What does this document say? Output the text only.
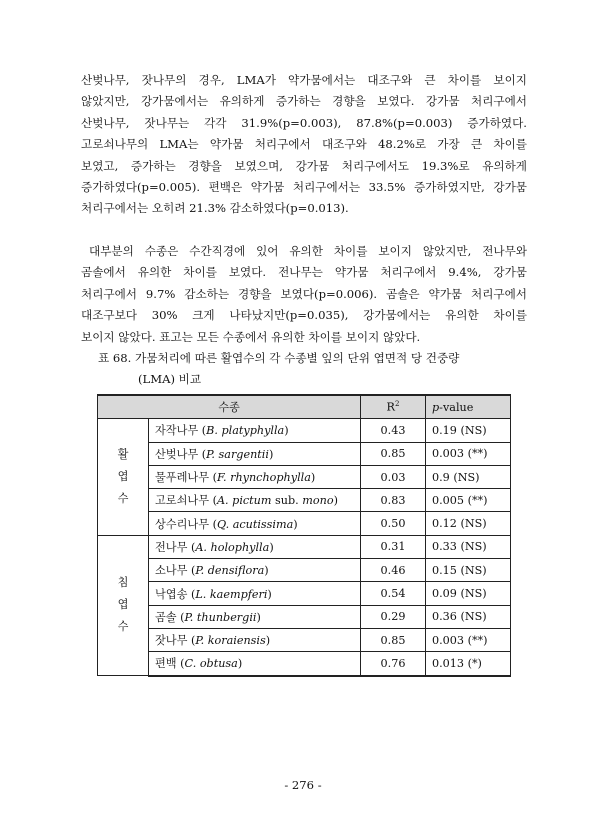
산벚나무, 잣나무의 경우, LMA가 약가뭄에서는 대조구와 큰 차이를 보이지
않았지만, 강가뭄에서는 유의하게 증가하는 경향을 보였다. 강가뭄 처리구에서
산벚나무, 잣나무는 각각 31.9%(p=0.003), 87.8%(p=0.003) 증가하였다.
고로쇠나무의 LMA는 약가뭄 처리구에서 대조구와 48.2%로 가장 큰 차이를
보였고, 증가하는 경향을 보였으며, 강가뭄 처리구에서도 19.3%로 유의하게
증가하였다(p=0.005). 편백은 약가뭄 처리구에서는 33.5% 증가하였지만, 강가뭄
처리구에서는 오히려 21.3% 감소하였다(p=0.013).
대부분의 수종은 수간직경에 있어 유의한 차이를 보이지 않았지만, 전나무와
곰솔에서 유의한 차이를 보였다. 전나무는 약가뭄 처리구에서 9.4%, 강가뭄
처리구에서 9.7% 감소하는 경향을 보였다(p=0.006). 곰솔은 약가뭄 처리구에서
대조구보다 30% 크게 나타났지만(p=0.035), 강가뭄에서는 유의한 차이를
보이지 않았다. 표고는 모든 수종에서 유의한 차이를 보이지 않았다.
표 68. 가뭄처리에 따른 활엽수의 각 수종별 잎의 단위 엽면적 당 건중량
(LMA) 비교
수종		$R^2$	p-value

활
엽
수	자작나무 (B. platyphylla)	0.43	0.19 (NS)
	산벚나무 (P. sargentii)	0.85	0.003 (**)
	물푸레나무 (F. rhynchophylla)	0.03	0.9 (NS)
	고로쇠나무 (A. pictum sub. mono)	0.83	0.005 (**)
	상수리나무 (Q. acutissima)	0.50	0.12 (NS)

침
엽
수	전나무 (A. holophylla)	0.31	0.33 (NS)
	소나무 (P. densiflora)	0.46	0.15 (NS)
	낙엽송 (L. kaempferi)	0.54	0.09 (NS)
	곰솔 (P. thunbergii)	0.29	0.36 (NS)
	잣나무 (P. koraiensis)	0.85	0.003 (**)
	편백 (C. obtusa)	0.76	0.013 (*)
- 276 -
